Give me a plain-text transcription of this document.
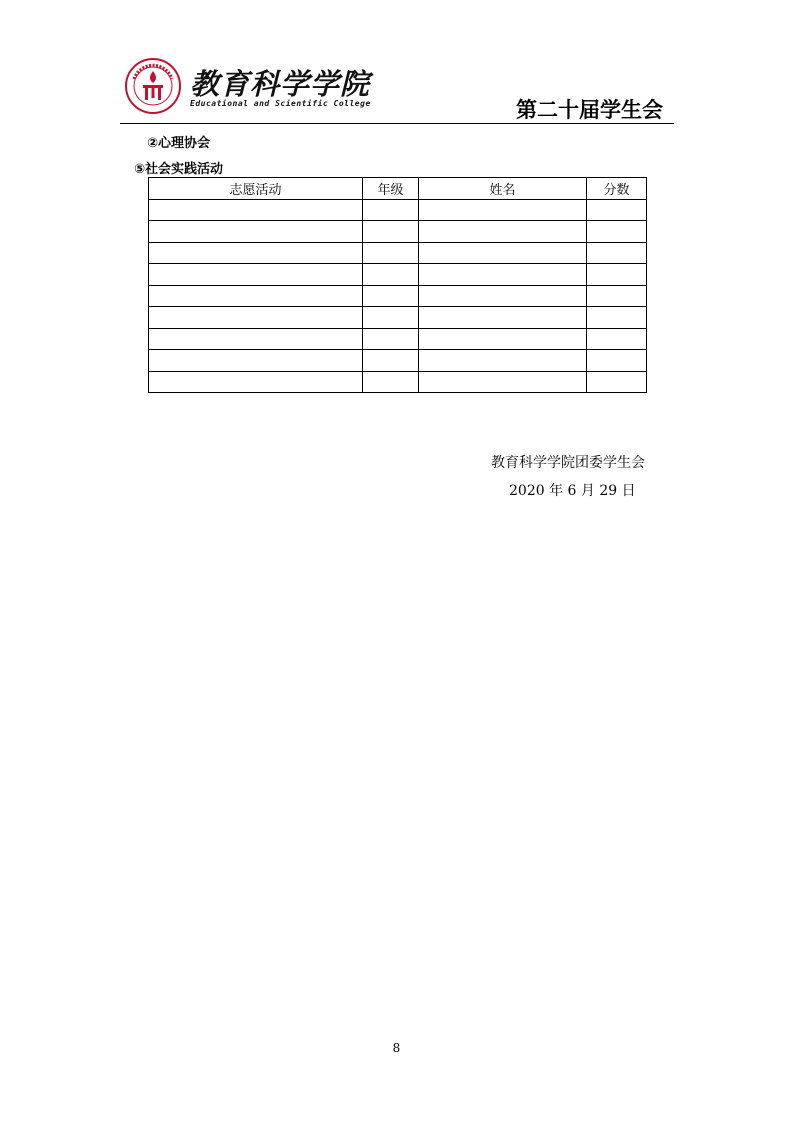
教育科学学院
Educational and Scientific College	第二十届学生会
②心理协会
⑤社会实践活动
志愿活动	年级	姓名	分数

教育科学学院团委学生会
2020 年 6 月 29 日
8
